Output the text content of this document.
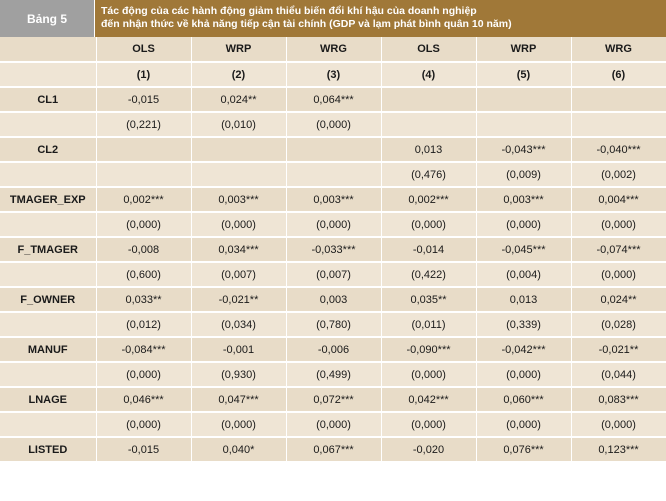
Bảng 5
Tác động của các hành động giảm thiểu biến đổi khí hậu của doanh nghiệp
đến nhận thức về khả năng tiếp cận tài chính (GDP và lạm phát bình quân 10 năm)
	OLS	WRP	WRG	OLS	WRP	WRG
	(1)	(2)	(3)	(4)	(5)	(6)
CL1	-0,015	0,024**	0,064***			
	(0,221)	(0,010)	(0,000)			
CL2				0,013	-0,043***	-0,040***
				(0,476)	(0,009)	(0,002)
TMAGER_EXP	0,002***	0,003***	0,003***	0,002***	0,003***	0,004***
	(0,000)	(0,000)	(0,000)	(0,000)	(0,000)	(0,000)
F_TMAGER	-0,008	0,034***	-0,033***	-0,014	-0,045***	-0,074***
	(0,600)	(0,007)	(0,007)	(0,422)	(0,004)	(0,000)
F_OWNER	0,033**	-0,021**	0,003	0,035**	0,013	0,024**
	(0,012)	(0,034)	(0,780)	(0,011)	(0,339)	(0,028)
MANUF	-0,084***	-0,001	-0,006	-0,090***	-0,042***	-0,021**
	(0,000)	(0,930)	(0,499)	(0,000)	(0,000)	(0,044)
LNAGE	0,046***	0,047***	0,072***	0,042***	0,060***	0,083***
	(0,000)	(0,000)	(0,000)	(0,000)	(0,000)	(0,000)
LISTED	-0,015	0,040*	0,067***	-0,020	0,076***	0,123***
